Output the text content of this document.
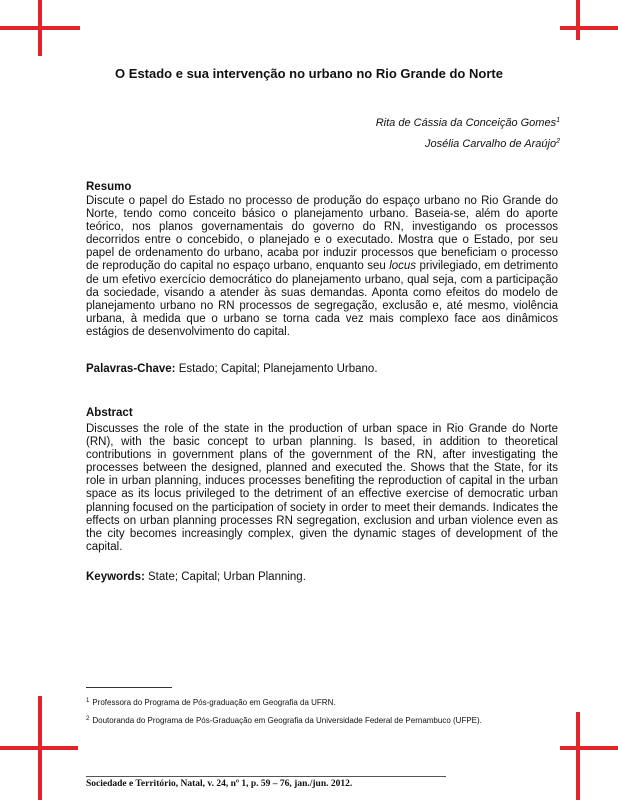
O Estado e sua intervenção no urbano no Rio Grande do Norte
Rita de Cássia da Conceição Gomes$^1$
Josélia Carvalho de Araújo$^2$
Resumo

Discute o papel do Estado no processo de produção do espaço urbano no Rio Grande do Norte, tendo como conceito básico o planejamento urbano. Baseia-se, além do aporte teórico, nos planos governamentais do governo do RN, investigando os processos decorridos entre o concebido, o planejado e o executado. Mostra que o Estado, por seu papel de ordenamento do urbano, acaba por induzir processos que beneficiam o processo de reprodução do capital no espaço urbano, enquanto seu locus privilegiado, em detrimento de um efetivo exercício democrático do planejamento urbano, qual seja, com a participação da sociedade, visando a atender às suas demandas. Aponta como efeitos do modelo de planejamento urbano no RN processos de segregação, exclusão e, até mesmo, violência urbana, à medida que o urbano se torna cada vez mais complexo face aos dinâmicos estágios de desenvolvimento do capital.

Palavras-Chave: Estado; Capital; Planejamento Urbano.

Abstract

Discusses the role of the state in the production of urban space in Rio Grande do Norte (RN), with the basic concept to urban planning. Is based, in addition to theoretical contributions in government plans of the government of the RN, after investigating the processes between the designed, planned and executed the. Shows that the State, for its role in urban planning, induces processes benefiting the reproduction of capital in the urban space as its locus privileged to the detriment of an effective exercise of democratic urban planning focused on the participation of society in order to meet their demands. Indicates the effects on urban planning processes RN segregation, exclusion and urban violence even as the city becomes increasingly complex, given the dynamic stages of development of the capital.

Keywords: State; Capital; Urban Planning.

$^1$ Professora do Programa de Pós-graduação em Geografia da UFRN.

$^2$ Doutoranda do Programa de Pós-Graduação em Geografia da Universidade Federal de Pernambuco (UFPE).

Sociedade e Território, Natal, v. 24, nº 1, p. 59 – 76, jan./jun. 2012.
